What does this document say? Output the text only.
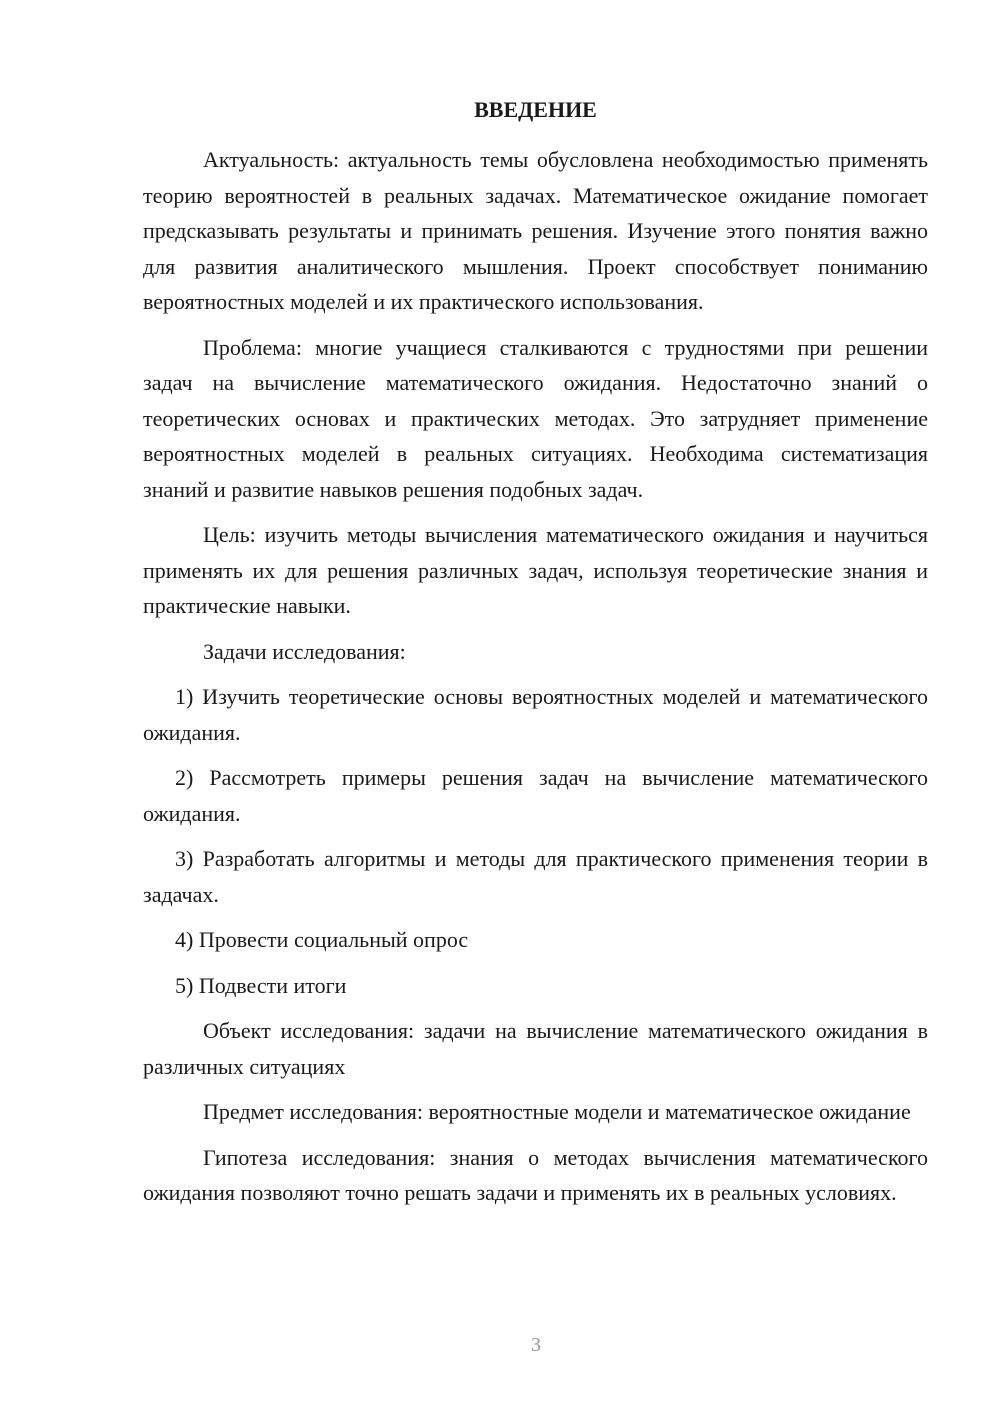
ВВЕДЕНИЕ

Актуальность: актуальность темы обусловлена необходимостью применять теорию вероятностей в реальных задачах. Математическое ожидание помогает предсказывать результаты и принимать решения. Изучение этого понятия важно для развития аналитического мышления. Проект способствует пониманию вероятностных моделей и их практического использования.

Проблема: многие учащиеся сталкиваются с трудностями при решении задач на вычисление математического ожидания. Недостаточно знаний о теоретических основах и практических методах. Это затрудняет применение вероятностных моделей в реальных ситуациях. Необходима систематизация знаний и развитие навыков решения подобных задач.

Цель: изучить методы вычисления математического ожидания и научиться применять их для решения различных задач, используя теоретические знания и практические навыки.

Задачи исследования:

1) Изучить теоретические основы вероятностных моделей и математического ожидания.

2) Рассмотреть примеры решения задач на вычисление математического ожидания.

3) Разработать алгоритмы и методы для практического применения теории в задачах.

4) Провести социальный опрос

5) Подвести итоги

Объект исследования: задачи на вычисление математического ожидания в различных ситуациях

Предмет исследования: вероятностные модели и математическое ожидание

Гипотеза исследования: знания о методах вычисления математического ожидания позволяют точно решать задачи и применять их в реальных условиях.

3
